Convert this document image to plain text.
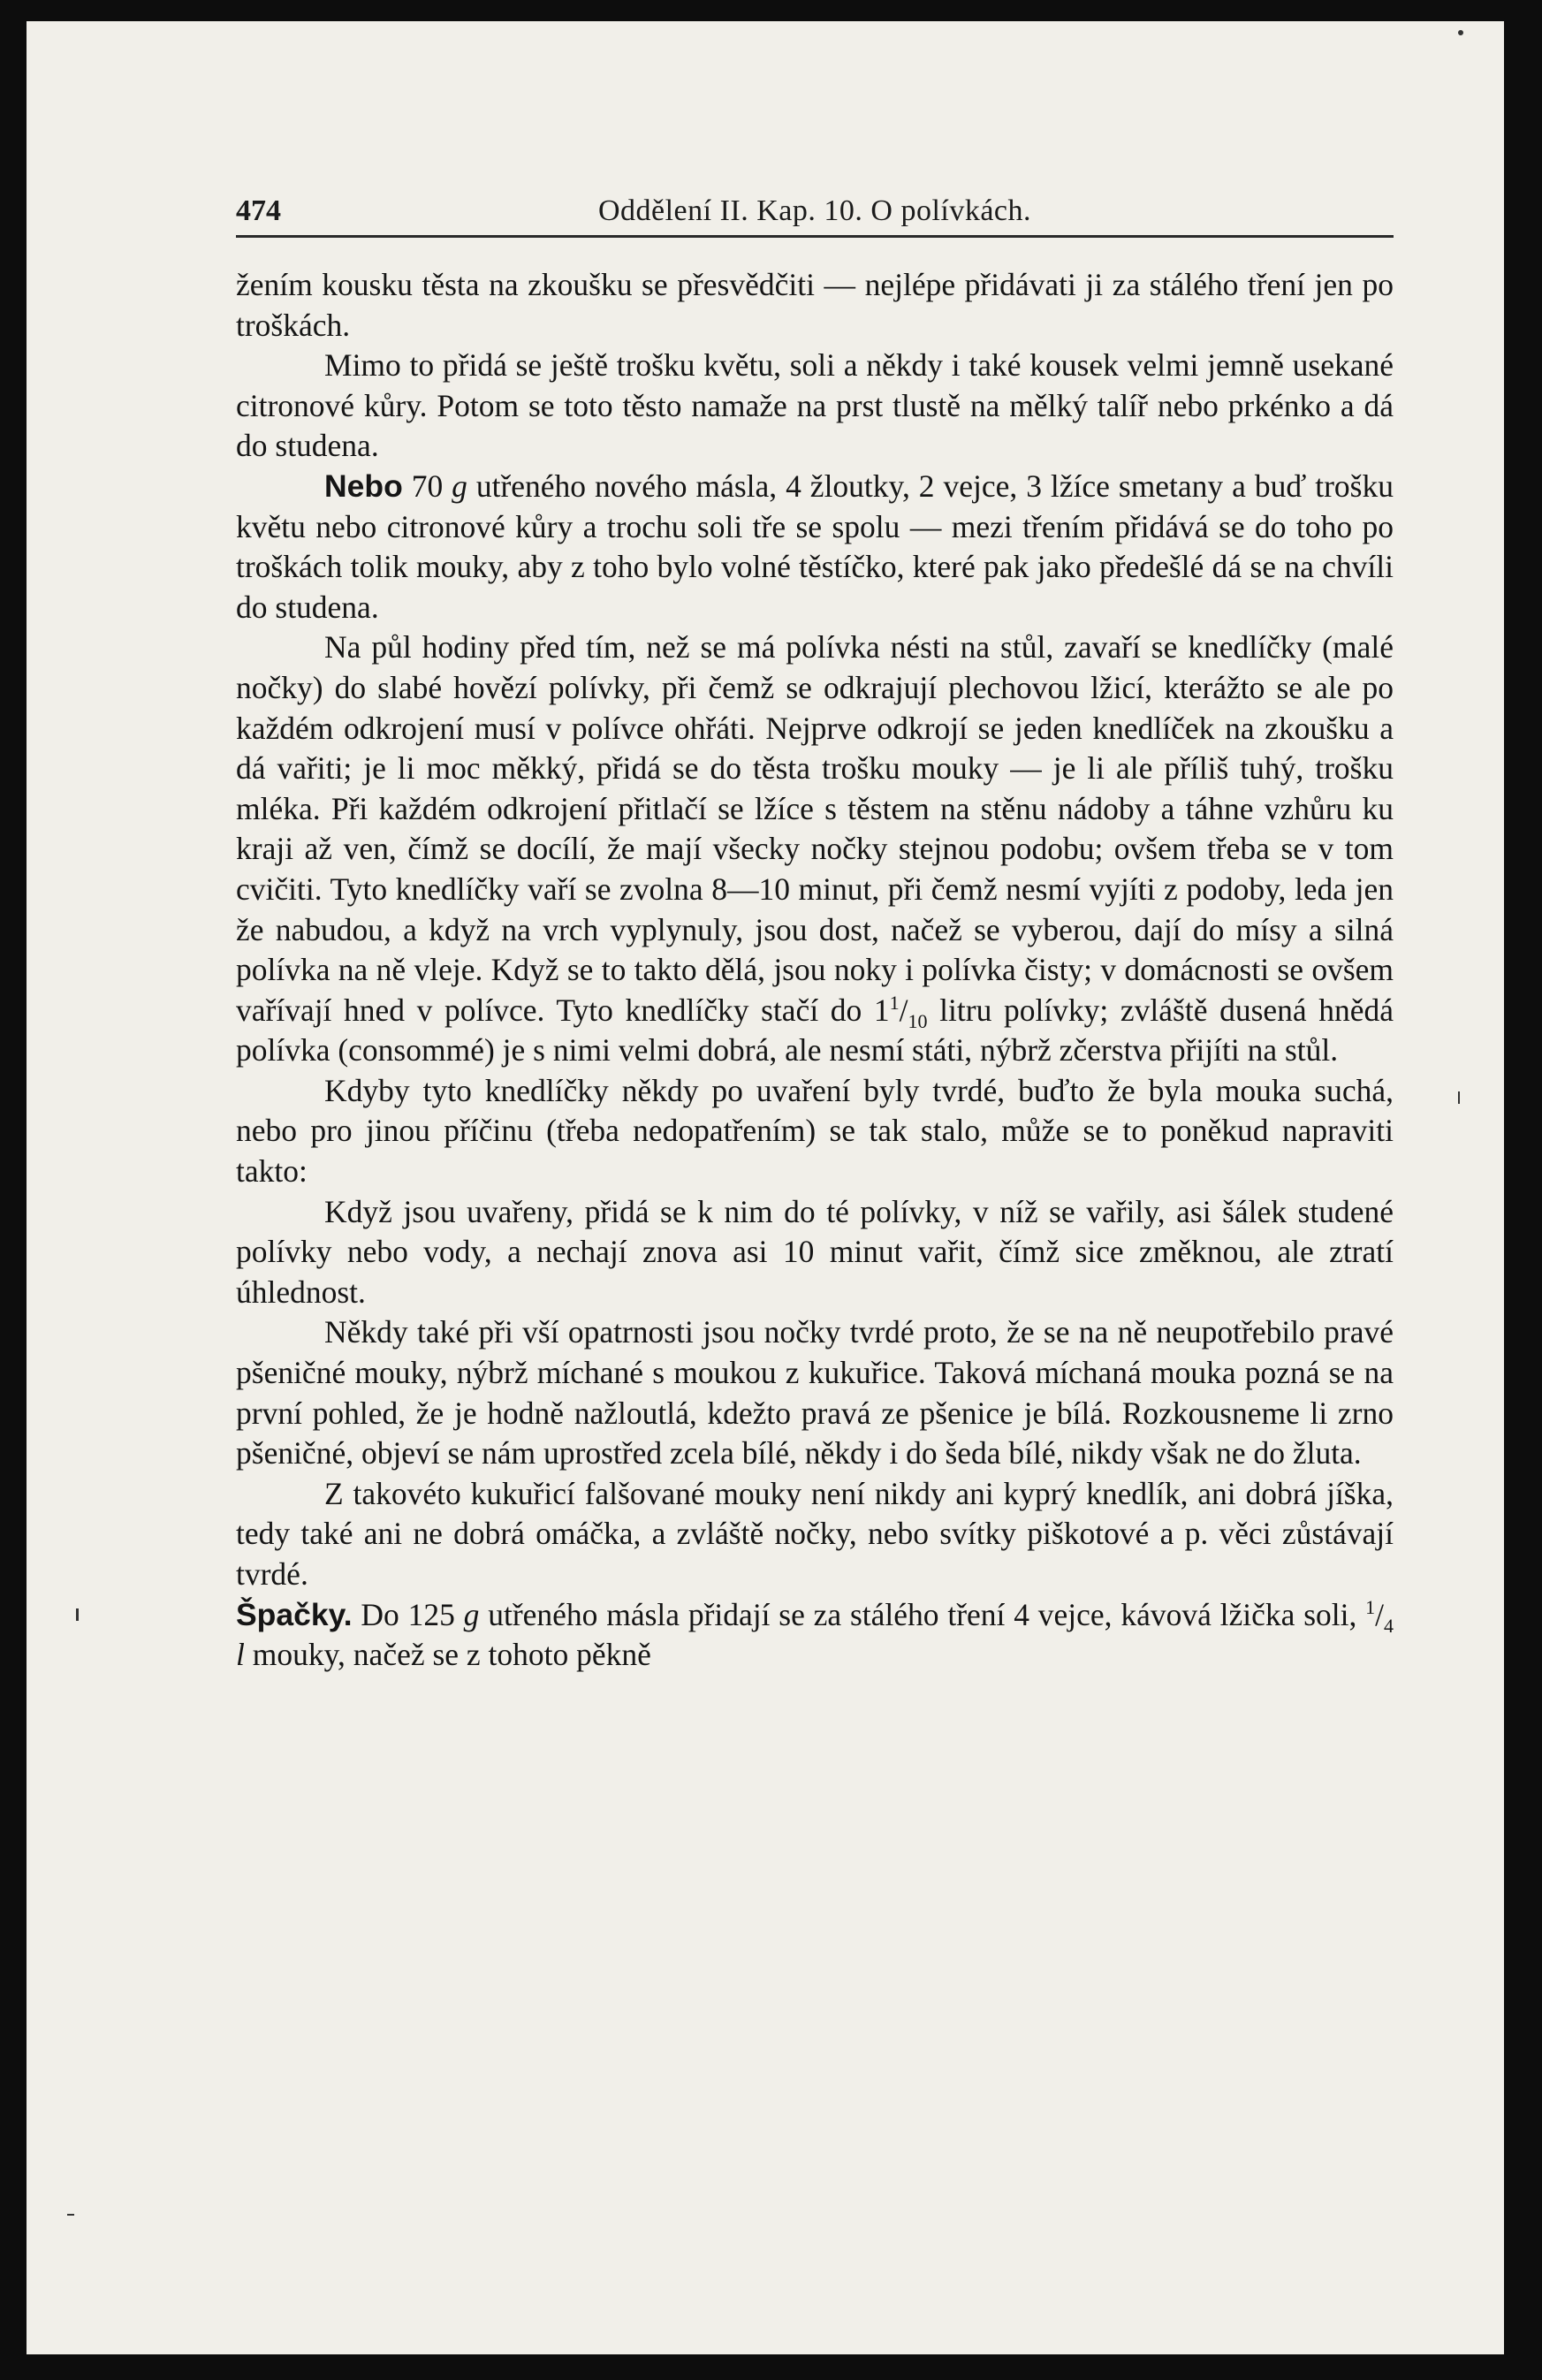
474	Oddělení II. Kap. 10. O polívkách.

žením kousku těsta na zkoušku se přesvědčiti — nejlépe přidávati ji za stálého tření jen po troškách.

Mimo to přidá se ještě trošku květu, soli a někdy i také kousek velmi jemně usekané citronové kůry. Potom se toto těsto namaže na prst tlustě na mělký talíř nebo prkénko a dá do studena.

Nebo 70 g utřeného nového másla, 4 žloutky, 2 vejce, 3 lžíce smetany a buď trošku květu nebo citronové kůry a trochu soli tře se spolu — mezi třením přidává se do toho po troškách tolik mouky, aby z toho bylo volné těstíčko, které pak jako předešlé dá se na chvíli do studena.

Na půl hodiny před tím, než se má polívka nésti na stůl, zavaří se knedlíčky (malé nočky) do slabé hovězí polívky, při čemž se odkrajují plechovou lžicí, kterážto se ale po každém odkrojení musí v polívce ohřáti. Nejprve odkrojí se jeden knedlíček na zkoušku a dá vařiti; je li moc měkký, přidá se do těsta trošku mouky — je li ale příliš tuhý, trošku mléka. Při každém odkrojení přitlačí se lžíce s těstem na stěnu nádoby a táhne vzhůru ku kraji až ven, čímž se docílí, že mají všecky nočky stejnou podobu; ovšem třeba se v tom cvičiti. Tyto knedlíčky vaří se zvolna 8—10 minut, při čemž nesmí vyjíti z podoby, leda jen že nabudou, a když na vrch vyplynuly, jsou dost, načež se vyberou, dají do mísy a silná polívka na ně vleje. Když se to takto dělá, jsou noky i polívka čisty; v domácnosti se ovšem vařívají hned v polívce. Tyto knedlíčky stačí do $1^1/_{10}$ litru polívky; zvláště dusená hnědá polívka (consommé) je s nimi velmi dobrá, ale nesmí státi, nýbrž zčerstva přijíti na stůl.

Kdyby tyto knedlíčky někdy po uvaření byly tvrdé, buďto že byla mouka suchá, nebo pro jinou příčinu (třeba nedopatřením) se tak stalo, může se to poněkud napraviti takto:

Když jsou uvařeny, přidá se k nim do té polívky, v níž se vařily, asi šálek studené polívky nebo vody, a nechají znova asi 10 minut vařit, čímž sice změknou, ale ztratí úhlednost.

Někdy také při vší opatrnosti jsou nočky tvrdé proto, že se na ně neupotřebilo pravé pšeničné mouky, nýbrž míchané s moukou z kukuřice. Taková míchaná mouka pozná se na první pohled, že je hodně nažloutlá, kdežto pravá ze pšenice je bílá. Rozkousneme li zrno pšeničné, objeví se nám uprostřed zcela bílé, někdy i do šeda bílé, nikdy však ne do žluta.

Z takovéto kukuřicí falšované mouky není nikdy ani kyprý knedlík, ani dobrá jíška, tedy také ani ne dobrá omáčka, a zvláště nočky, nebo svítky piškotové a p. věci zůstávají tvrdé.

Špačky. Do 125 g utřeného másla přidají se za stálého tření 4 vejce, kávová lžička soli, $^1/_4$ l mouky, načež se z tohoto pěkně
